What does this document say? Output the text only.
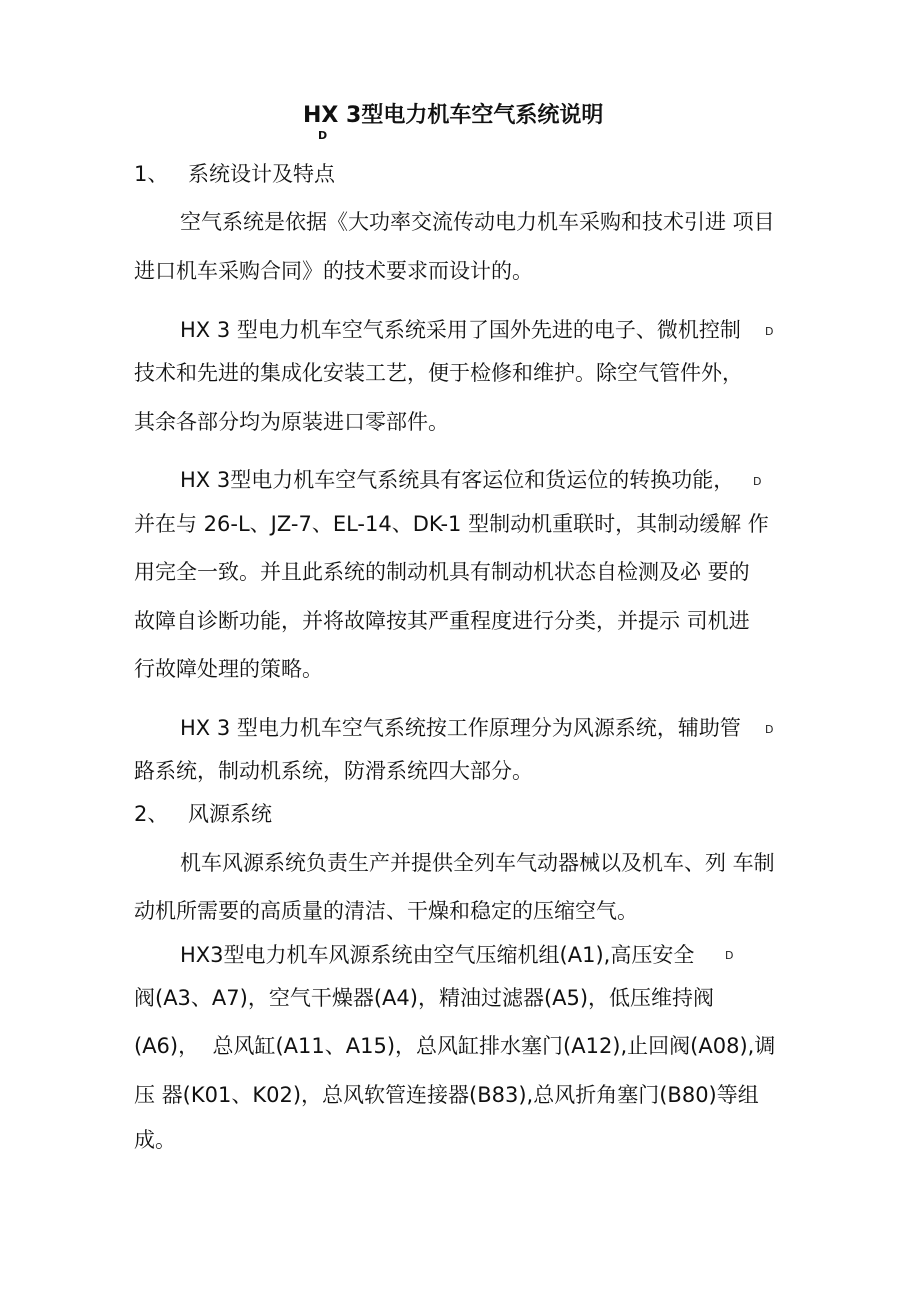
HX 3型电力机车空气系统说明
D
1、 系统设计及特点
空气系统是依据《大功率交流传动电力机车采购和技术引进 项目
进口机车采购合同》的技术要求而设计的。
HX 3 型电力机车空气系统采用了国外先进的电子、微机控制 D
技术和先进的集成化安装工艺，便于检修和维护。除空气管件外，
其余各部分均为原装进口零部件。
HX 3型电力机车空气系统具有客运位和货运位的转换功能， D
并在与 26-L、JZ-7、EL-14、DK-1 型制动机重联时，其制动缓解 作
用完全一致。并且此系统的制动机具有制动机状态自检测及必 要的
故障自诊断功能，并将故障按其严重程度进行分类，并提示 司机进
行故障处理的策略。
HX 3 型电力机车空气系统按工作原理分为风源系统，辅助管 D
路系统，制动机系统，防滑系统四大部分。
2、 风源系统
机车风源系统负责生产并提供全列车气动器械以及机车、列 车制
动机所需要的高质量的清洁、干燥和稳定的压缩空气。
HX3型电力机车风源系统由空气压缩机组(A1),高压安全	D
阀(A3、A7)，空气干燥器(A4)，精油过滤器(A5)，低压维持阀
(A6)，  总风缸(A11、A15)，总风缸排水塞门(A12),止回阀(A08),调
压 器(K01、K02)，总风软管连接器(B83),总风折角塞门(B80)等组
成。
